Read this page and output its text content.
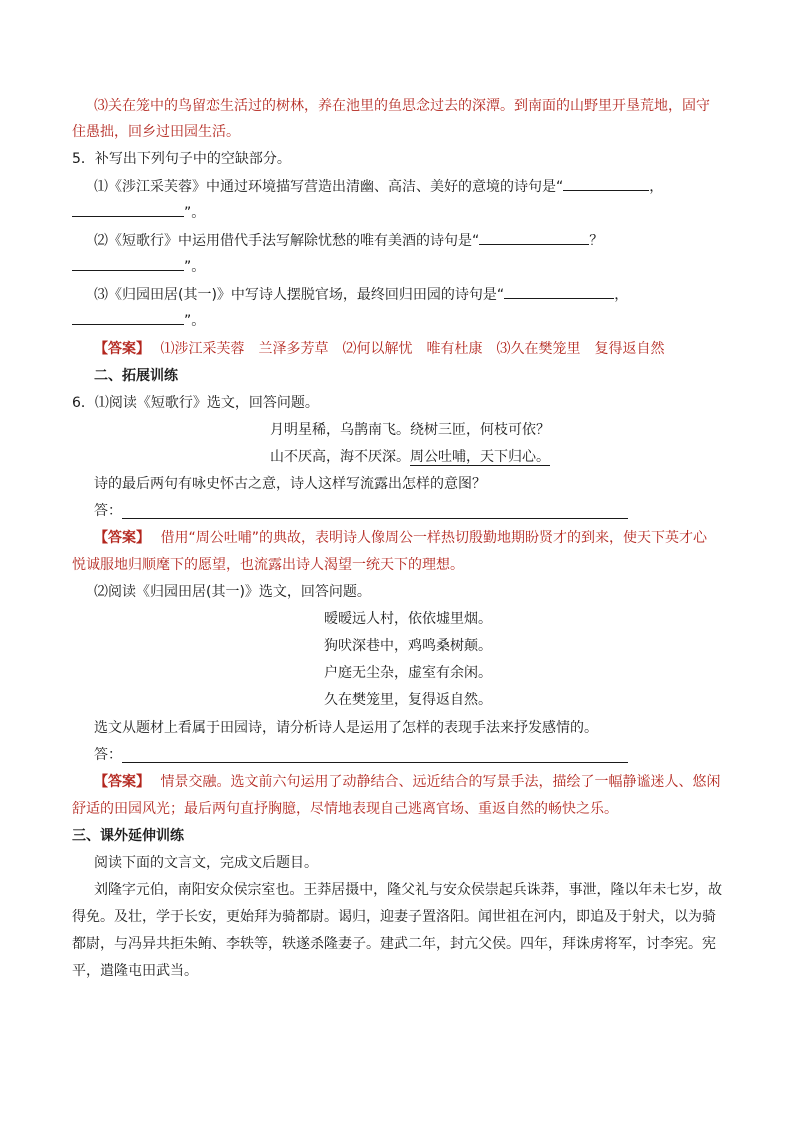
⑶关在笼中的鸟留恋生活过的树林，养在池里的鱼思念过去的深潭。到南面的山野里开垦荒地，固守
住愚拙，回乡过田园生活。
5．补写出下列句子中的空缺部分。
⑴《涉江采芙蓉》中通过环境描写营造出清幽、高洁、美好的意境的诗句是“	，
”。
⑵《短歌行》中运用借代手法写解除忧愁的唯有美酒的诗句是“	？
”。
⑶《归园田居(其一)》中写诗人摆脱官场，最终回归田园的诗句是“	，
”。
【答案】 ⑴涉江采芙蓉　兰泽多芳草　⑵何以解忧　唯有杜康　⑶久在樊笼里　复得返自然
二、拓展训练
6．⑴阅读《短歌行》选文，回答问题。
月明星稀，乌鹊南飞。绕树三匝，何枝可依？
山不厌高，海不厌深。周公吐哺，天下归心。
诗的最后两句有咏史怀古之意，诗人这样写流露出怎样的意图？
答：
【答案】 借用“周公吐哺”的典故，表明诗人像周公一样热切殷勤地期盼贤才的到来，使天下英才心
悦诚服地归顺麾下的愿望，也流露出诗人渴望一统天下的理想。
⑵阅读《归园田居(其一)》选文，回答问题。
暧暧远人村，依依墟里烟。
狗吠深巷中，鸡鸣桑树颠。
户庭无尘杂，虚室有余闲。
久在樊笼里，复得返自然。
选文从题材上看属于田园诗，请分析诗人是运用了怎样的表现手法来抒发感情的。
答：
【答案】 情景交融。选文前六句运用了动静结合、远近结合的写景手法，描绘了一幅静谧迷人、悠闲
舒适的田园风光；最后两句直抒胸臆，尽情地表现自己逃离官场、重返自然的畅快之乐。
三、课外延伸训练
阅读下面的文言文，完成文后题目。
刘隆字元伯，南阳安众侯宗室也。王莽居摄中，隆父礼与安众侯崇起兵诛莽，事泄，隆以年未七岁，故
得免。及壮，学于长安，更始拜为骑都尉。谒归，迎妻子置洛阳。闻世祖在河内，即追及于射犬，以为骑
都尉，与冯异共拒朱鲔、李轶等，轶遂杀隆妻子。建武二年，封亢父侯。四年，拜诛虏将军，讨李宪。宪
平，遣隆屯田武当。
